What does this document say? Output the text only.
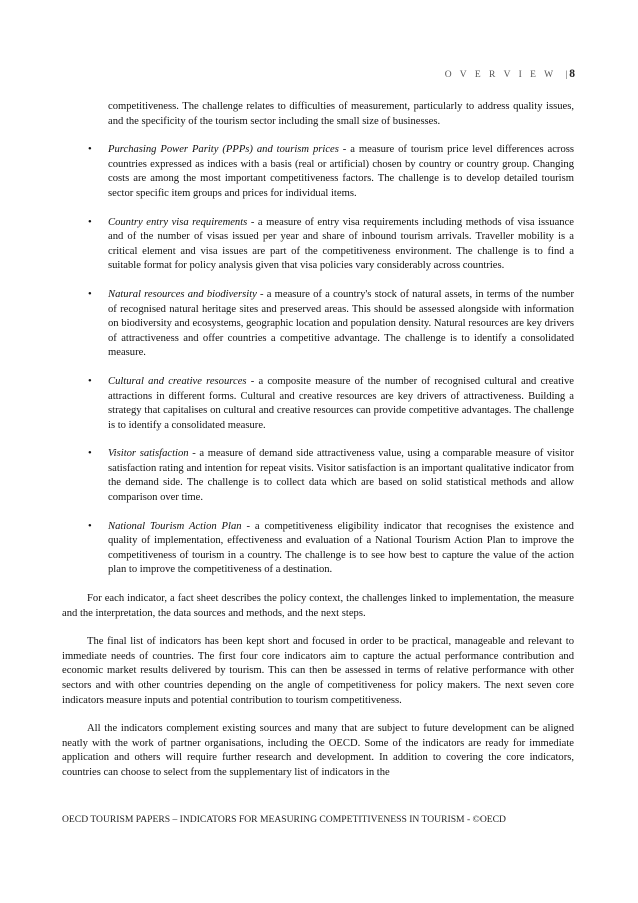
O V E R V I E W | 8

competitiveness. The challenge relates to difficulties of measurement, particularly to address quality issues, and the specificity of the tourism sector including the small size of businesses.

• Purchasing Power Parity (PPPs) and tourism prices - a measure of tourism price level differences across countries expressed as indices with a basis (real or artificial) chosen by country or country group. Changing costs are among the most important competitiveness factors. The challenge is to develop detailed tourism sector specific item groups and prices for individual items.
• Country entry visa requirements - a measure of entry visa requirements including methods of visa issuance and of the number of visas issued per year and share of inbound tourism arrivals. Traveller mobility is a critical element and visa issues are part of the competitiveness environment. The challenge is to find a suitable format for policy analysis given that visa policies vary considerably across countries.
• Natural resources and biodiversity - a measure of a country's stock of natural assets, in terms of the number of recognised natural heritage sites and preserved areas. This should be assessed alongside with information on biodiversity and ecosystems, geographic location and population density. Natural resources are key drivers of attractiveness and offer countries a competitive advantage. The challenge is to identify a consolidated measure.
• Cultural and creative resources - a composite measure of the number of recognised cultural and creative attractions in different forms. Cultural and creative resources are key drivers of attractiveness. Building a strategy that capitalises on cultural and creative resources can provide competitive advantages. The challenge is to identify a consolidated measure.
• Visitor satisfaction - a measure of demand side attractiveness value, using a comparable measure of visitor satisfaction rating and intention for repeat visits. Visitor satisfaction is an important qualitative indicator from the demand side. The challenge is to collect data which are based on solid statistical methods and allow comparison over time.
• National Tourism Action Plan - a competitiveness eligibility indicator that recognises the existence and quality of implementation, effectiveness and evaluation of a National Tourism Action Plan to improve the competitiveness of tourism in a country. The challenge is to see how best to capture the value of the action plan to improve the competitiveness of a destination.

For each indicator, a fact sheet describes the policy context, the challenges linked to implementation, the measure and the interpretation, the data sources and methods, and the next steps.

The final list of indicators has been kept short and focused in order to be practical, manageable and relevant to immediate needs of countries. The first four core indicators aim to capture the actual performance contribution and economic market results delivered by tourism. This can then be assessed in terms of relative performance with other sectors and with other countries depending on the angle of competitiveness for policy makers. The next seven core indicators measure inputs and potential contribution to tourism competitiveness.

All the indicators complement existing sources and many that are subject to future development can be aligned neatly with the work of partner organisations, including the OECD. Some of the indicators are ready for immediate application and others will require further research and development. In addition to covering the core indicators, countries can choose to select from the supplementary list of indicators in the

OECD TOURISM PAPERS – INDICATORS FOR MEASURING COMPETITIVENESS IN TOURISM - ©OECD
